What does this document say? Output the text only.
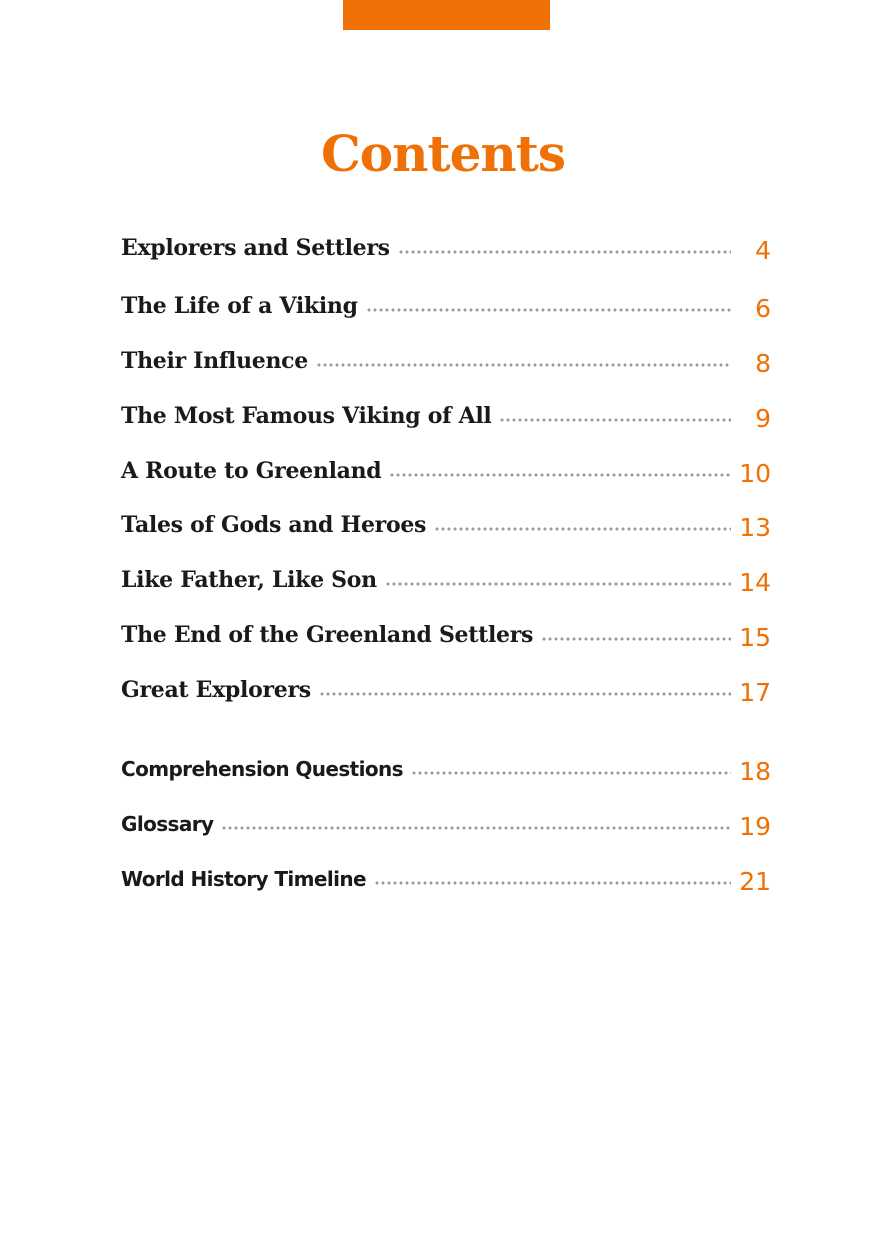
Contents
Explorers and Settlers	4
The Life of a Viking	6
Their Influence	8
The Most Famous Viking of All	9
A Route to Greenland	10
Tales of Gods and Heroes	13
Like Father, Like Son	14
The End of the Greenland Settlers	15
Great Explorers	17
Comprehension Questions	18
Glossary	19
World History Timeline	21
